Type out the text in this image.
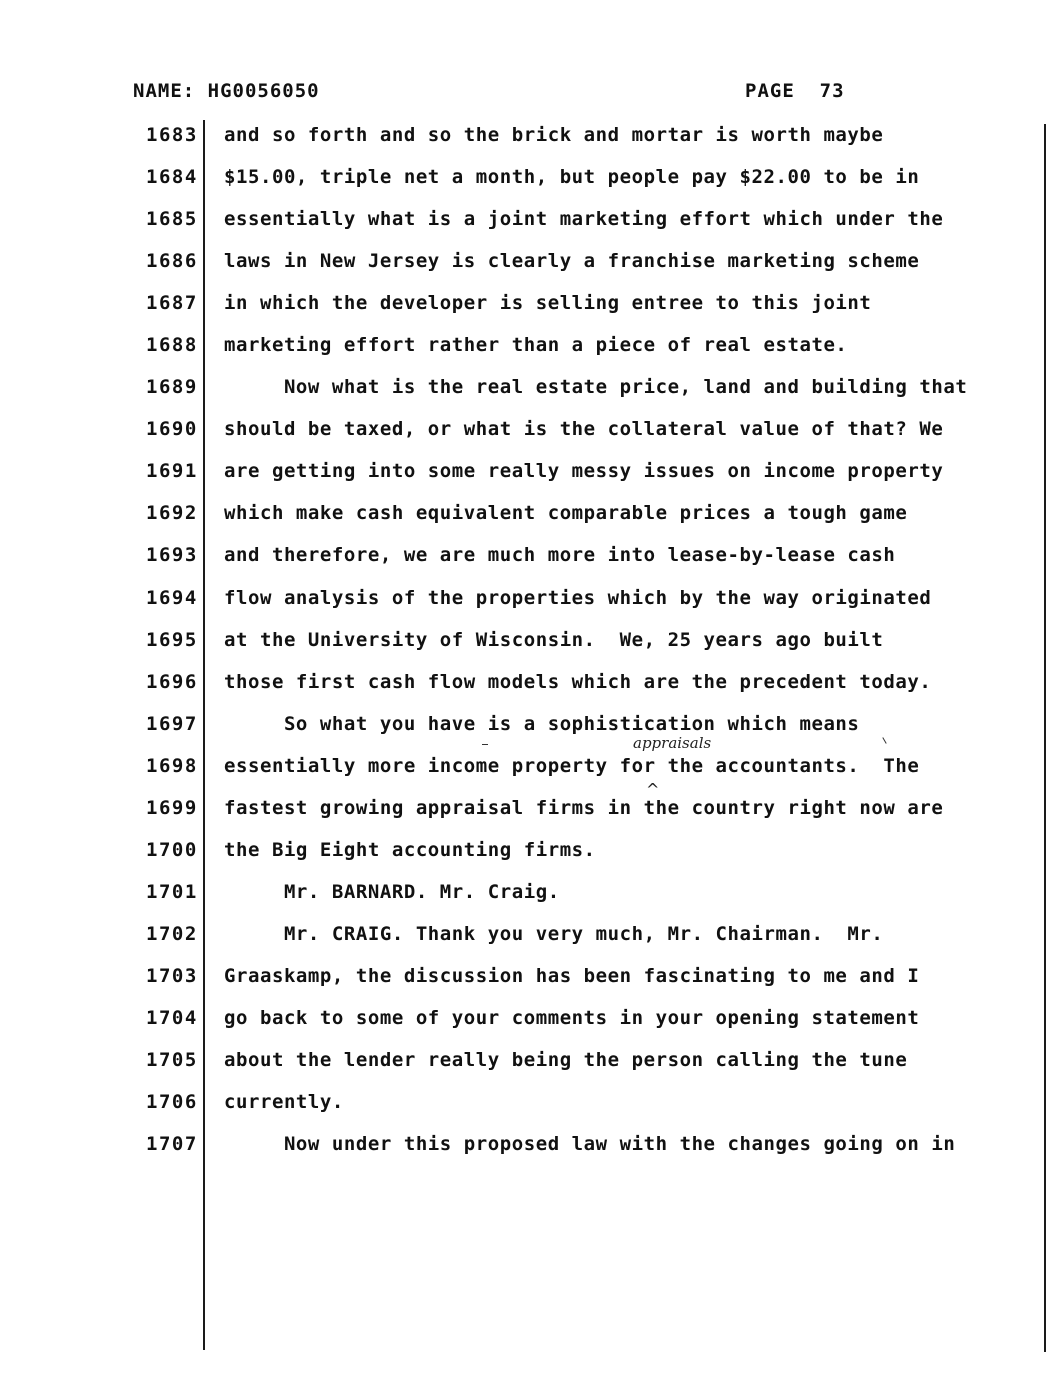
NAME: HG0056050	PAGE  73
1683 and so forth and so the brick and mortar is worth maybe
1684 $15.00, triple net a month, but people pay $22.00 to be in
1685 essentially what is a joint marketing effort which under the
1686 laws in New Jersey is clearly a franchise marketing scheme
1687 in which the developer is selling entree to this joint
1688 marketing effort rather than a piece of real estate.
1689 Now what is the real estate price, land and building that
1690 should be taxed, or what is the collateral value of that? We
1691 are getting into some really messy issues on income property
1692 which make cash equivalent comparable prices a tough game
1693 and therefore, we are much more into lease-by-lease cash
1694 flow analysis of the properties which by the way originated
1695 at the University of Wisconsin.  We, 25 years ago built
1696 those first cash flow models which are the precedent today.
1697 So what you have is a sophistication which means
1698 essentially more income property for the accountants.  The
1699 fastest growing appraisal firms in the country right now are
1700 the Big Eight accounting firms.
1701 Mr. BARNARD. Mr. Craig.
1702 Mr. CRAIG. Thank you very much, Mr. Chairman.  Mr.
1703 Graaskamp, the discussion has been fascinating to me and I
1704 go back to some of your comments in your opening statement
1705 about the lender really being the person calling the tune
1706 currently.
1707 Now under this proposed law with the changes going on in
appraisals
^
